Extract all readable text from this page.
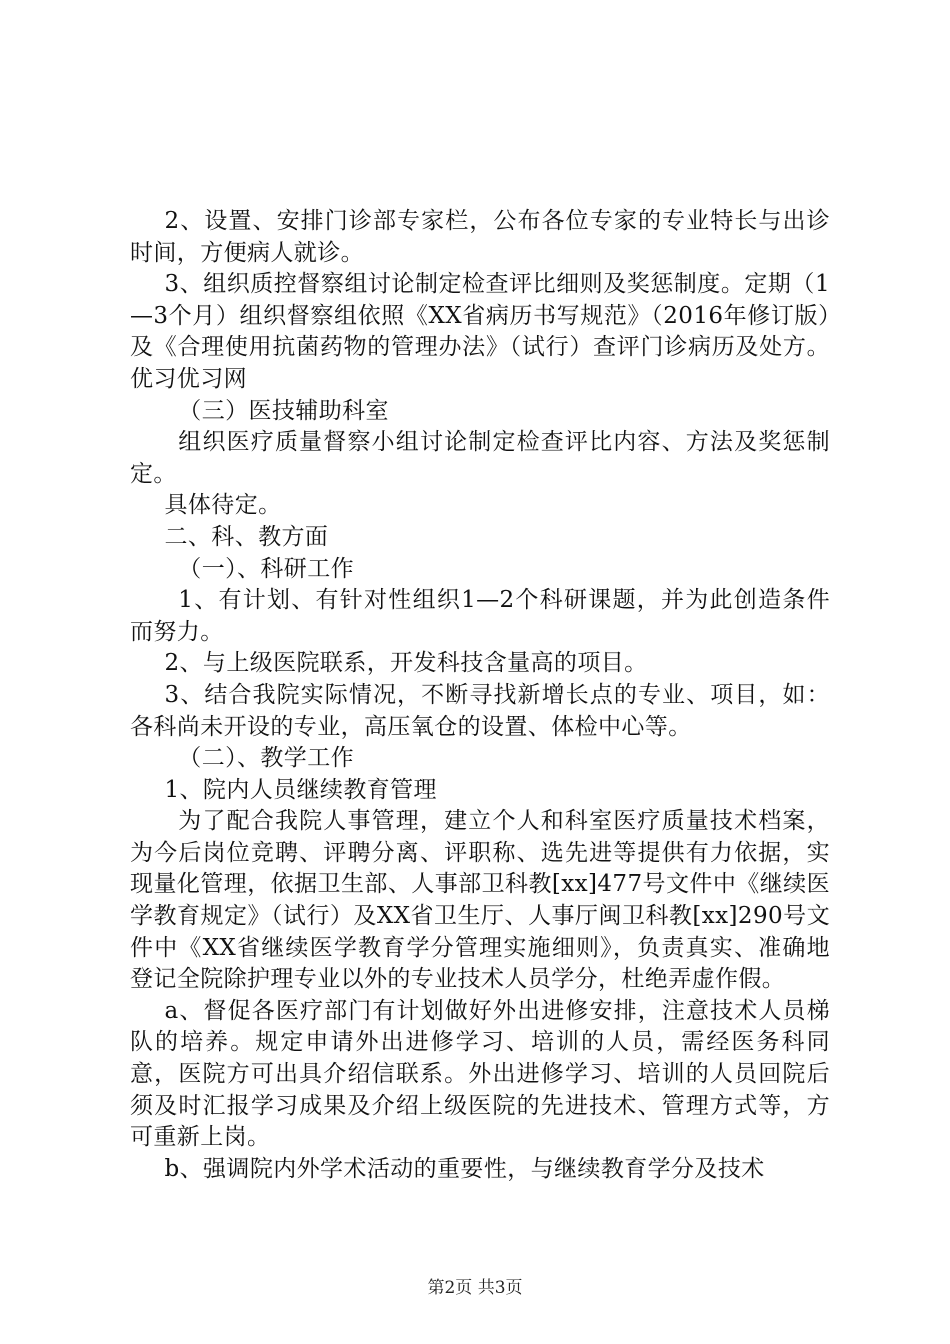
2、设置、安排门诊部专家栏，公布各位专家的专业特长与出诊时间，方便病人就诊。

3、组织质控督察组讨论制定检查评比细则及奖惩制度。定期（1—3个月）组织督察组依照《XX省病历书写规范》（2016年修订版）及《合理使用抗菌药物的管理办法》（试行）查评门诊病历及处方。优习优习网

（三）医技辅助科室

组织医疗质量督察小组讨论制定检查评比内容、方法及奖惩制定。

具体待定。

二、科、教方面

（一）、科研工作

1、有计划、有针对性组织1—2个科研课题，并为此创造条件而努力。

2、与上级医院联系，开发科技含量高的项目。

3、结合我院实际情况，不断寻找新增长点的专业、项目，如：各科尚未开设的专业，高压氧仓的设置、体检中心等。

（二）、教学工作

1、院内人员继续教育管理

为了配合我院人事管理，建立个人和科室医疗质量技术档案，为今后岗位竞聘、评聘分离、评职称、选先进等提供有力依据，实现量化管理，依据卫生部、人事部卫科教[xx]477号文件中《继续医学教育规定》（试行）及XX省卫生厅、人事厅闽卫科教[xx]290号文件中《XX省继续医学教育学分管理实施细则》，负责真实、准确地登记全院除护理专业以外的专业技术人员学分，杜绝弄虚作假。

a、督促各医疗部门有计划做好外出进修安排，注意技术人员梯队的培养。规定申请外出进修学习、培训的人员，需经医务科同意，医院方可出具介绍信联系。外出进修学习、培训的人员回院后须及时汇报学习成果及介绍上级医院的先进技术、管理方式等，方可重新上岗。

b、强调院内外学术活动的重要性，与继续教育学分及技术

第2页 共3页
